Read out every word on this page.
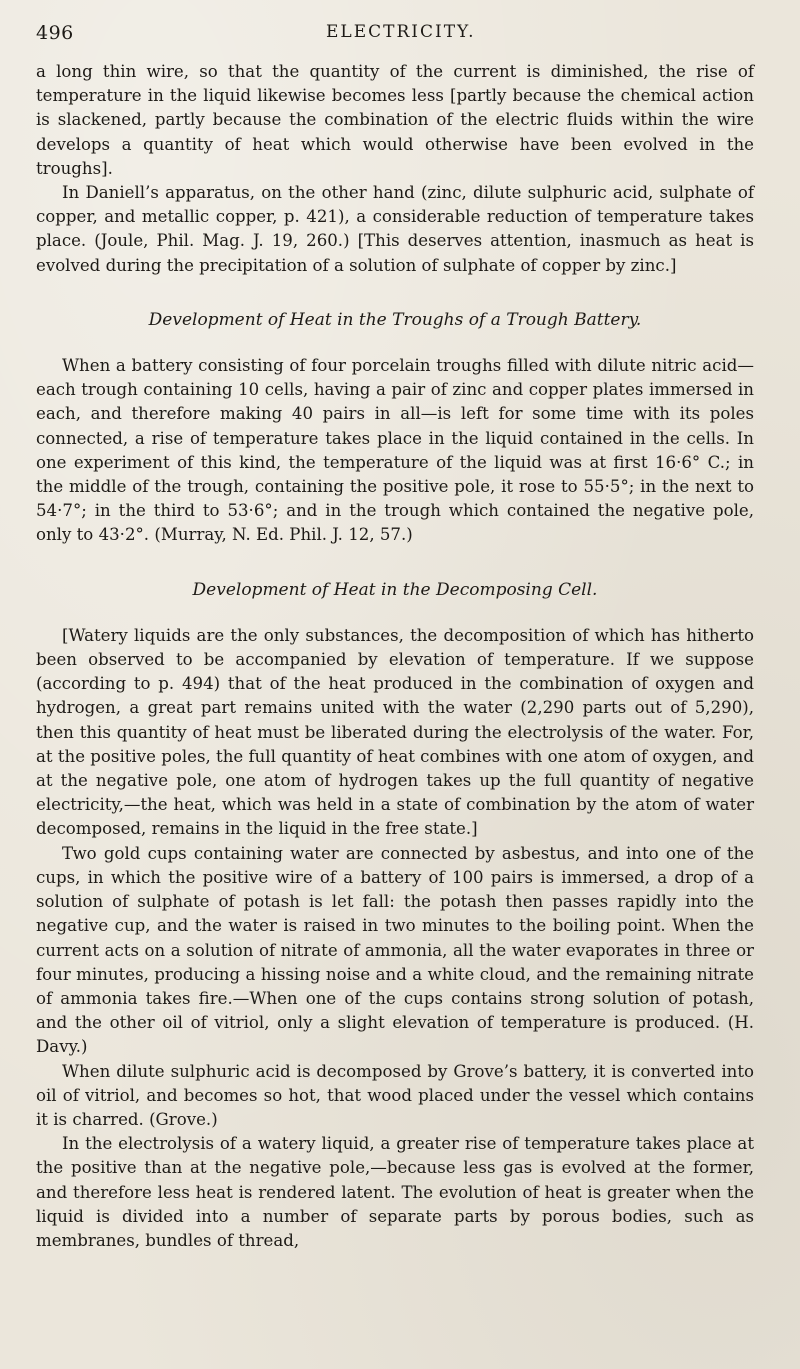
496	ELECTRICITY.

a long thin wire, so that the quantity of the current is diminished, the rise of temperature in the liquid likewise becomes less [partly because the chemical action is slackened, partly because the combination of the electric fluids within the wire develops a quantity of heat which would otherwise have been evolved in the troughs].

In Daniell’s apparatus, on the other hand (zinc, dilute sulphuric acid, sulphate of copper, and metallic copper, p. 421), a considerable reduction of temperature takes place. (Joule, Phil. Mag. J. 19, 260.) [This deserves attention, inasmuch as heat is evolved during the precipitation of a solution of sulphate of copper by zinc.]

Development of Heat in the Troughs of a Trough Battery.

When a battery consisting of four porcelain troughs filled with dilute nitric acid—each trough containing 10 cells, having a pair of zinc and copper plates immersed in each, and therefore making 40 pairs in all—is left for some time with its poles connected, a rise of temperature takes place in the liquid contained in the cells. In one experiment of this kind, the temperature of the liquid was at first 16·6° C.; in the middle of the trough, containing the positive pole, it rose to 55·5°; in the next to 54·7°; in the third to 53·6°; and in the trough which contained the negative pole, only to 43·2°. (Murray, N. Ed. Phil. J. 12, 57.)

Development of Heat in the Decomposing Cell.

[Watery liquids are the only substances, the decomposition of which has hitherto been observed to be accompanied by elevation of temperature. If we suppose (according to p. 494) that of the heat produced in the combination of oxygen and hydrogen, a great part remains united with the water (2,290 parts out of 5,290), then this quantity of heat must be liberated during the electrolysis of the water. For, at the positive poles, the full quantity of heat combines with one atom of oxygen, and at the negative pole, one atom of hydrogen takes up the full quantity of negative electricity,—the heat, which was held in a state of combination by the atom of water decomposed, remains in the liquid in the free state.]

Two gold cups containing water are connected by asbestus, and into one of the cups, in which the positive wire of a battery of 100 pairs is immersed, a drop of a solution of sulphate of potash is let fall: the potash then passes rapidly into the negative cup, and the water is raised in two minutes to the boiling point. When the current acts on a solution of nitrate of ammonia, all the water evaporates in three or four minutes, producing a hissing noise and a white cloud, and the remaining nitrate of ammonia takes fire.—When one of the cups contains strong solution of potash, and the other oil of vitriol, only a slight elevation of temperature is produced. (H. Davy.)

When dilute sulphuric acid is decomposed by Grove’s battery, it is converted into oil of vitriol, and becomes so hot, that wood placed under the vessel which contains it is charred. (Grove.)

In the electrolysis of a watery liquid, a greater rise of temperature takes place at the positive than at the negative pole,—because less gas is evolved at the former, and therefore less heat is rendered latent. The evolution of heat is greater when the liquid is divided into a number of separate parts by porous bodies, such as membranes, bundles of thread,
